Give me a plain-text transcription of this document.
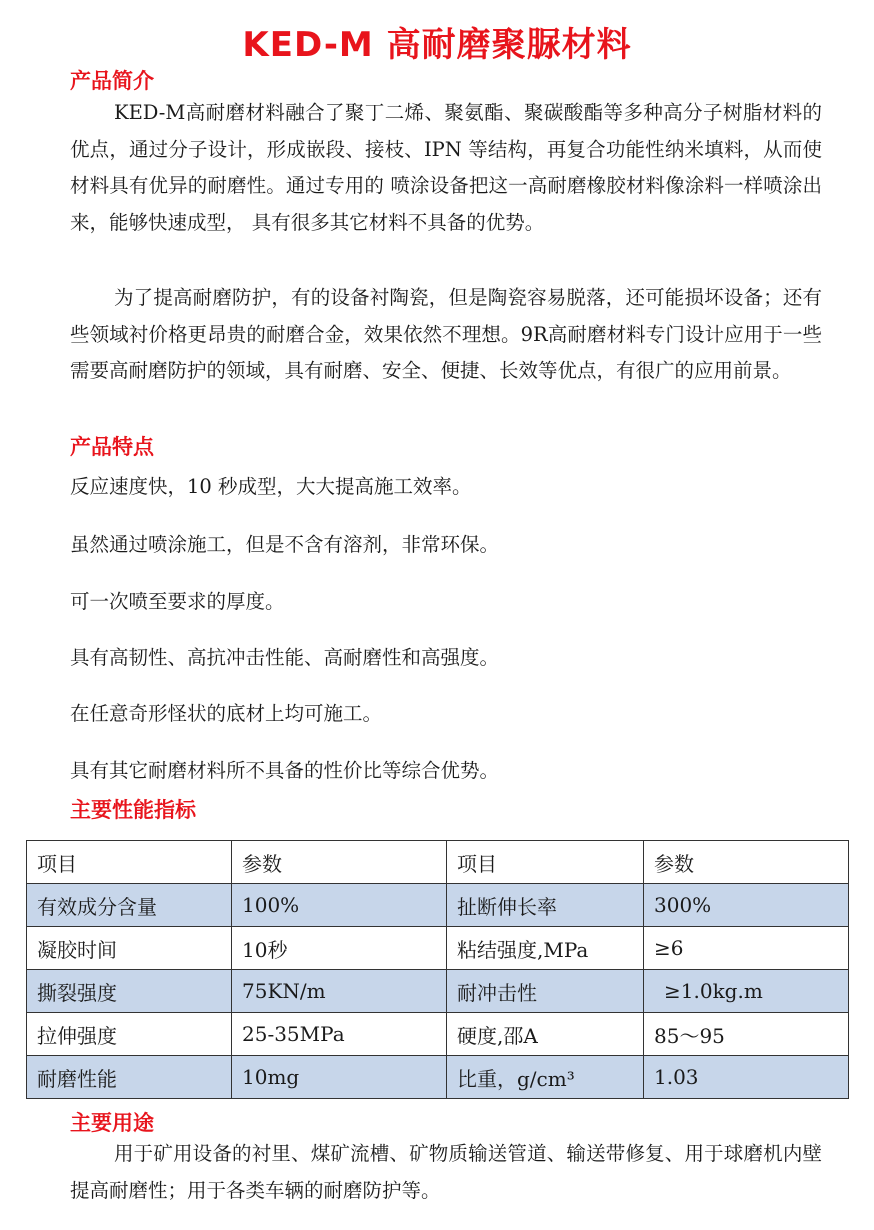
KED-M 高耐磨聚脲材料
产品简介

KED-M高耐磨材料融合了聚丁二烯、聚氨酯、聚碳酸酯等多种高分子树脂材料的优点，通过分子设计，形成嵌段、接枝、IPN 等结构，再复合功能性纳米填料，从而使材料具有优异的耐磨性。通过专用的 喷涂设备把这一高耐磨橡胶材料像涂料一样喷涂出来，能够快速成型， 具有很多其它材料不具备的优势。

为了提高耐磨防护，有的设备衬陶瓷，但是陶瓷容易脱落，还可能损坏设备；还有些领域衬价格更昂贵的耐磨合金，效果依然不理想。9R高耐磨材料专门设计应用于一些需要高耐磨防护的领域，具有耐磨、安全、便捷、长效等优点，有很广的应用前景。

产品特点

反应速度快，10 秒成型，大大提高施工效率。

虽然通过喷涂施工，但是不含有溶剂，非常环保。

可一次喷至要求的厚度。

具有高韧性、高抗冲击性能、高耐磨性和高强度。

在任意奇形怪状的底材上均可施工。

具有其它耐磨材料所不具备的性价比等综合优势。

主要性能指标
项目	参数	项目	参数
有效成分含量	100%	扯断伸长率	300%
凝胶时间	10秒	粘结强度,MPa	≥6
撕裂强度	75KN/m	耐冲击性	≥1.0kg.m
拉伸强度	25-35MPa	硬度,邵A	85～95
耐磨性能	10mg	比重，g/cm³	1.03
主要用途

用于矿用设备的衬里、煤矿流槽、矿物质输送管道、输送带修复、用于球磨机内壁提高耐磨性；用于各类车辆的耐磨防护等。
